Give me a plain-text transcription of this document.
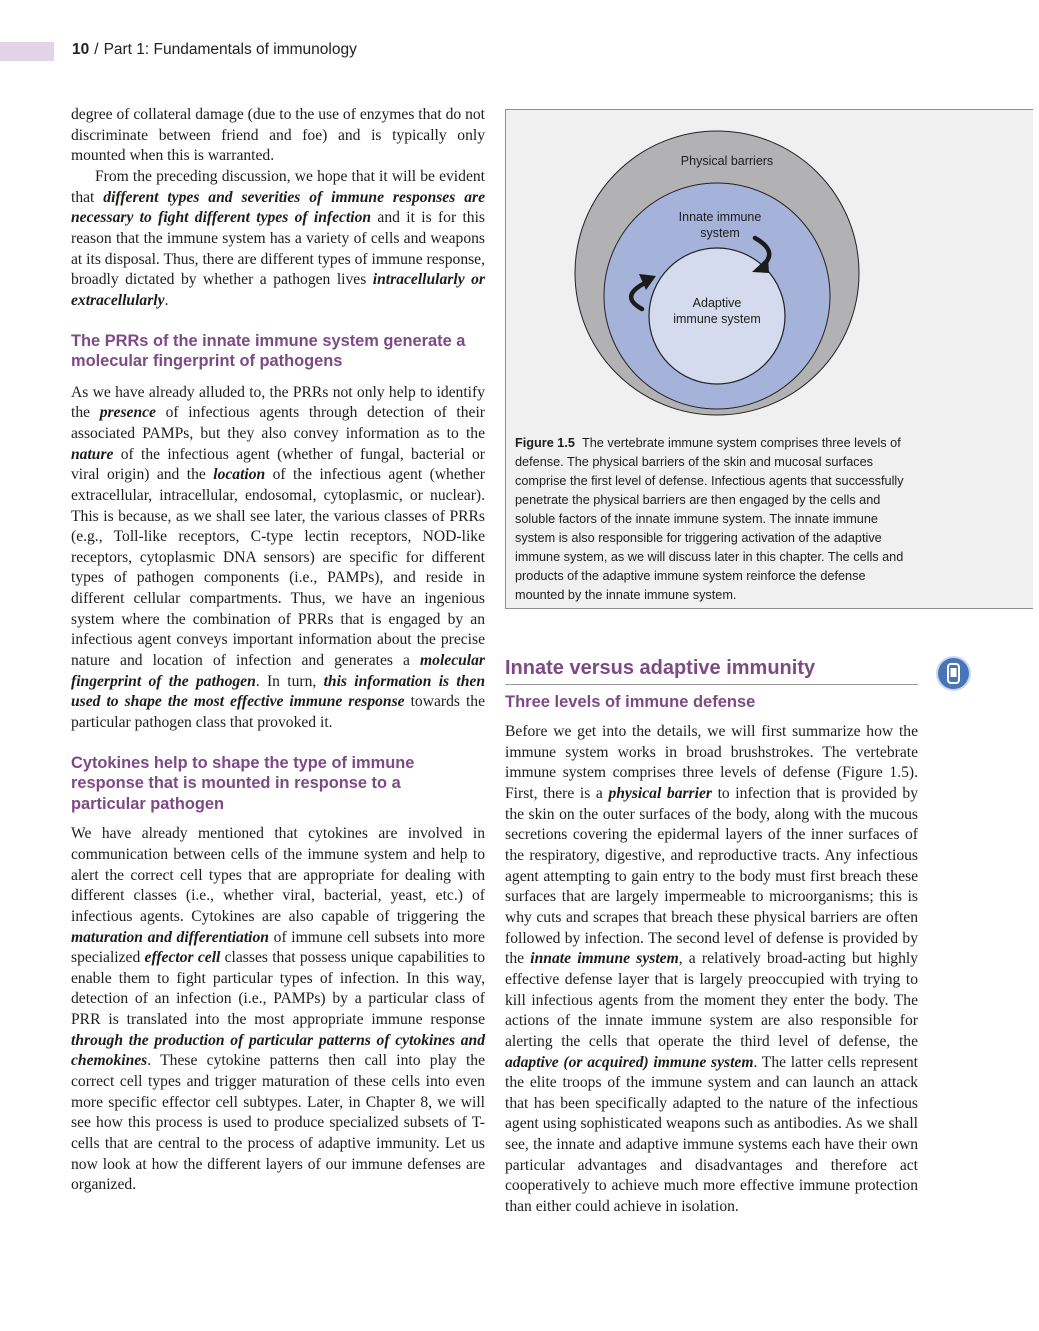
10 / Part 1: Fundamentals of immunology

degree of collateral damage (due to the use of enzymes that do not discriminate between friend and foe) and is typically only mounted when this is warranted.

From the preceding discussion, we hope that it will be evident that different types and severities of immune responses are necessary to fight different types of infection and it is for this reason that the immune system has a variety of cells and weapons at its disposal. Thus, there are different types of immune response, broadly dictated by whether a pathogen lives intracellularly or extracellularly.

The PRRs of the innate immune system generate a molecular fingerprint of pathogens

As we have already alluded to, the PRRs not only help to identify the presence of infectious agents through detection of their associated PAMPs, but they also convey information as to the nature of the infectious agent (whether of fungal, bacterial or viral origin) and the location of the infectious agent (whether extracellular, intracellular, endosomal, cytoplasmic, or nuclear). This is because, as we shall see later, the various classes of PRRs (e.g., Toll-like receptors, C-type lectin receptors, NOD-like receptors, cytoplasmic DNA sensors) are specific for different types of pathogen components (i.e., PAMPs), and reside in different cellular compartments. Thus, we have an ingenious system where the combination of PRRs that is engaged by an infectious agent conveys important information about the precise nature and location of infection and generates a molecular fingerprint of the pathogen. In turn, this information is then used to shape the most effective immune response towards the particular pathogen class that provoked it.

Cytokines help to shape the type of immune response that is mounted in response to a particular pathogen

We have already mentioned that cytokines are involved in communication between cells of the immune system and help to alert the correct cell types that are appropriate for dealing with different classes (i.e., whether viral, bacterial, yeast, etc.) of infectious agents. Cytokines are also capable of triggering the maturation and differentiation of immune cell subsets into more specialized effector cell classes that possess unique capabilities to enable them to fight particular types of infection. In this way, detection of an infection (i.e., PAMPs) by a particular class of PRR is translated into the most appropriate immune response through the production of particular patterns of cytokines and chemokines. These cytokine patterns then call into play the correct cell types and trigger maturation of these cells into even more specific effector cell subtypes. Later, in Chapter 8, we will see how this process is used to produce specialized subsets of T-cells that are central to the process of adaptive immunity. Let us now look at how the different layers of our immune defenses are organized.

Physical barriers
Innate immune
system
Adaptive
immune system
Figure 1.5 The vertebrate immune system comprises three levels of defense. The physical barriers of the skin and mucosal surfaces comprise the first level of defense. Infectious agents that successfully penetrate the physical barriers are then engaged by the cells and soluble factors of the innate immune system. The innate immune system is also responsible for triggering activation of the adaptive immune system, as we will discuss later in this chapter. The cells and products of the adaptive immune system reinforce the defense mounted by the innate immune system.
Innate versus adaptive immunity
Three levels of immune defense

Before we get into the details, we will first summarize how the immune system works in broad brushstrokes. The vertebrate immune system comprises three levels of defense (Figure 1.5). First, there is a physical barrier to infection that is provided by the skin on the outer surfaces of the body, along with the mucous secretions covering the epidermal layers of the inner surfaces of the respiratory, digestive, and reproductive tracts. Any infectious agent attempting to gain entry to the body must first breach these surfaces that are largely impermeable to microorganisms; this is why cuts and scrapes that breach these physical barriers are often followed by infection. The second level of defense is provided by the innate immune system, a relatively broad-acting but highly effective defense layer that is largely preoccupied with trying to kill infectious agents from the moment they enter the body. The actions of the innate immune system are also responsible for alerting the cells that operate the third level of defense, the adaptive (or acquired) immune system. The latter cells represent the elite troops of the immune system and can launch an attack that has been specifically adapted to the nature of the infectious agent using sophisticated weapons such as antibodies. As we shall see, the innate and adaptive immune systems each have their own particular advantages and disadvantages and therefore act cooperatively to achieve much more effective immune protection than either could achieve in isolation.
